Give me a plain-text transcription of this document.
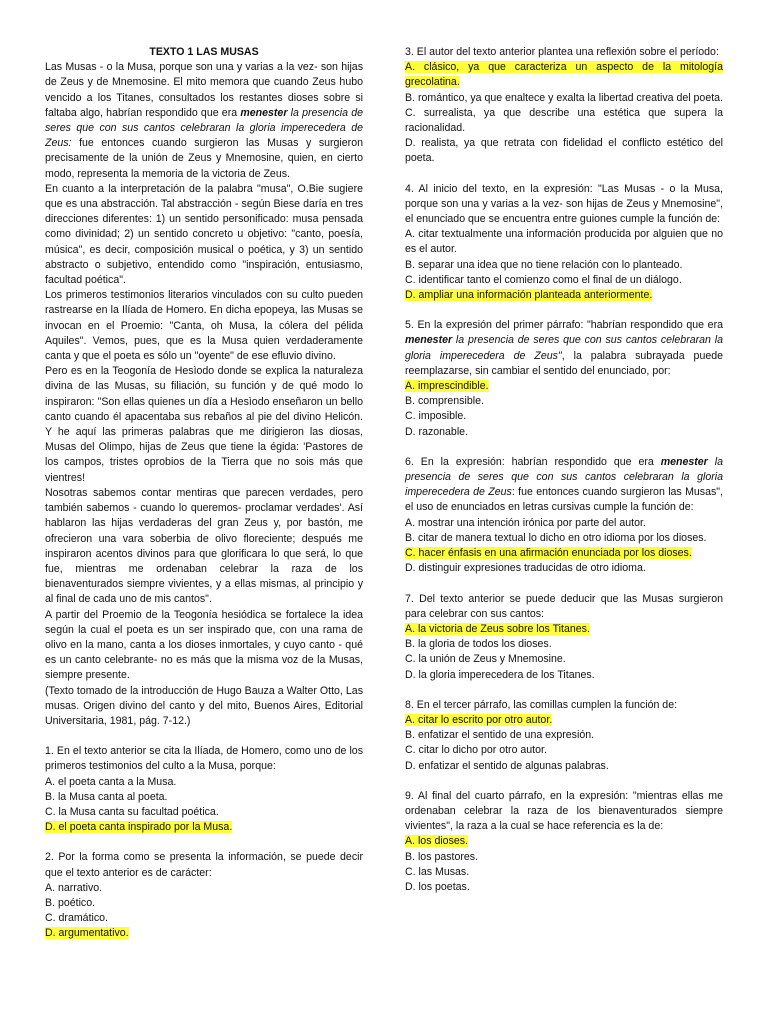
TEXTO 1 LAS MUSAS

Las Musas - o la Musa, porque son una y varias a la vez- son hijas de Zeus y de Mnemosine. El mito memora que cuando Zeus hubo vencido a los Titanes, consultados los restantes dioses sobre si faltaba algo, habrían respondido que era menester la presencia de seres que con sus cantos celebraran la gloria imperecedera de Zeus: fue entonces cuando surgieron las Musas y surgieron precisamente de la unión de Zeus y Mnemosine, quien, en cierto modo, representa la memoria de la victoria de Zeus.

En cuanto a la interpretación de la palabra "musa", O.Bie sugiere que es una abstracción. Tal abstracción - según Biese daría en tres direcciones diferentes: 1) un sentido personificado: musa pensada como divinidad; 2) un sentido concreto u objetivo: "canto, poesía, música", es decir, composición musical o poética, y 3) un sentido abstracto o subjetivo, entendido como "inspiración, entusiasmo, facultad poética".

Los primeros testimonios literarios vinculados con su culto pueden rastrearse en la Ilíada de Homero. En dicha epopeya, las Musas se invocan en el Proemio: "Canta, oh Musa, la cólera del pélida Aquiles". Vemos, pues, que es la Musa quien verdaderamente canta y que el poeta es sólo un "oyente" de ese efluvio divino.

Pero es en la Teogonía de Hesìodo donde se explica la naturaleza divina de las Musas, su filiación, su función y de qué modo lo inspiraron: "Son ellas quienes un día a Hesìodo enseñaron un bello canto cuando él apacentaba sus rebaños al pie del divino Helicón. Y he aquí las primeras palabras que me dirigieron las diosas, Musas del Olimpo, hijas de Zeus que tiene la égida: 'Pastores de los campos, tristes oprobios de la Tierra que no sois más que vientres!

Nosotras sabemos contar mentiras que parecen verdades, pero también sabemos - cuando lo queremos- proclamar verdades'. Así hablaron las hijas verdaderas del gran Zeus y, por bastón, me ofrecieron una vara soberbia de olivo floreciente; después me inspiraron acentos divinos para que glorificara lo que será, lo que fue, mientras me ordenaban celebrar la raza de los bienaventurados siempre vivientes, y a ellas mismas, al principio y al final de cada uno de mis cantos".

A partir del Proemio de la Teogonía hesiódica se fortalece la idea según la cual el poeta es un ser inspirado que, con una rama de olivo en la mano, canta a los dioses inmortales, y cuyo canto - qué es un canto celebrante- no es más que la misma voz de la Musas, siempre presente.

(Texto tomado de la introducción de Hugo Bauza a Walter Otto, Las musas. Origen divino del canto y del mito, Buenos Aires, Editorial Universitaria, 1981, pág. 7-12.)

1. En el texto anterior se cita la Ilíada, de Homero, como uno de los primeros testimonios del culto a la Musa, porque:

A. el poeta canta a la Musa.

B. la Musa canta al poeta.

C. la Musa canta su facultad poética.

D. el poeta canta inspirado por la Musa.

2. Por la forma como se presenta la información, se puede decir que el texto anterior es de carácter:

A. narrativo.

B. poético.

C. dramático.

D. argumentativo.

3. El autor del texto anterior plantea una reflexión sobre el período:

A. clásico, ya que caracteriza un aspecto de la mitología grecolatina.

B. romántico, ya que enaltece y exalta la libertad creativa del poeta.

C. surrealista, ya que describe una estética que supera la racionalidad.

D. realista, ya que retrata con fidelidad el conflicto estético del poeta.

4. Al inicio del texto, en la expresión: "Las Musas - o la Musa, porque son una y varias a la vez- son hijas de Zeus y Mnemosine", el enunciado que se encuentra entre guiones cumple la función de:

A. citar textualmente una información producida por alguien que no es el autor.

B. separar una idea que no tiene relación con lo planteado.

C. identificar tanto el comienzo como el final de un diálogo.

D. ampliar una información planteada anteriormente.

5. En la expresión del primer párrafo: "habrían respondido que era menester la presencia de seres que con sus cantos celebraran la gloria imperecedera de Zeus", la palabra subrayada puede reemplazarse, sin cambiar el sentido del enunciado, por:

A. imprescindible.

B. comprensible.

C. imposible.

D. razonable.

6. En la expresión: habrían respondido que era menester la presencia de seres que con sus cantos celebraran la gloria imperecedera de Zeus: fue entonces cuando surgieron las Musas", el uso de enunciados en letras cursivas cumple la función de:

A. mostrar una intención irónica por parte del autor.

B. citar de manera textual lo dicho en otro idioma por los dioses.

C. hacer énfasis en una afirmación enunciada por los dioses.

D. distinguir expresiones traducidas de otro idioma.

7. Del texto anterior se puede deducir que las Musas surgieron para celebrar con sus cantos:

A. la victoria de Zeus sobre los Titanes.

B. la gloria de todos los dioses.

C. la unión de Zeus y Mnemosine.

D. la gloria imperecedera de los Titanes.

8. En el tercer párrafo, las comillas cumplen la función de:

A. citar lo escrito por otro autor.

B. enfatizar el sentido de una expresión.

C. citar lo dicho por otro autor.

D. enfatizar el sentido de algunas palabras.

9. Al final del cuarto párrafo, en la expresión: "mientras ellas me ordenaban celebrar la raza de los bienaventurados siempre vivientes", la raza a la cual se hace referencia es la de:

A. los dioses.

B. los pastores.

C. las Musas.

D. los poetas.
